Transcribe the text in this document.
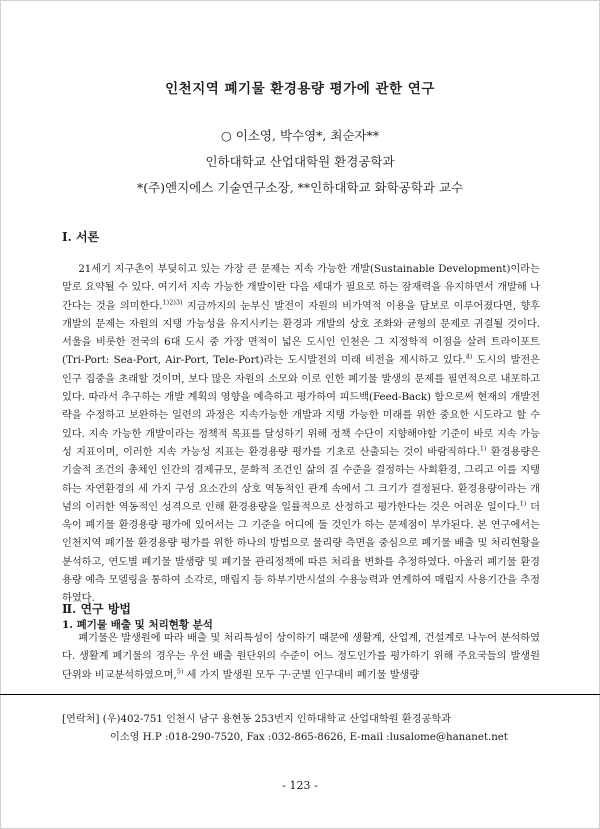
인천지역 폐기물 환경용량 평가에 관한 연구
○ 이소영, 박수영*, 최순자**
인하대학교 산업대학원 환경공학과
*(주)엔지에스 기술연구소장, **인하대학교 화학공학과 교수
Ⅰ. 서론

21세기 지구촌이 부딪히고 있는 가장 큰 문제는 지속 가능한 개발(Sustainable Development)이라는 말로 요약될 수 있다. 여기서 지속 가능한 개발이란 다음 세대가 필요로 하는 잠재력을 유지하면서 개발해 나간다는 것을 의미한다.$^{1)2)3)}$ 지금까지의 눈부신 발전이 자원의 비가역적 이용을 담보로 이루어졌다면, 향후 개발의 문제는 자원의 지탱 가능성을 유지시키는 환경과 개발의 상호 조화와 균형의 문제로 귀결될 것이다. 서울을 비롯한 전국의 6대 도시 중 가장 면적이 넓은 도시인 인천은 그 지정학적 이점을 살려 트라이포트(Tri-Port: Sea-Port, Air-Port, Tele-Port)라는 도시발전의 미래 비전을 제시하고 있다.$^{4)}$ 도시의 발전은 인구 집중을 초래할 것이며, 보다 많은 자원의 소모와 이로 인한 폐기물 발생의 문제를 필연적으로 내포하고 있다. 따라서 추구하는 개발 계획의 영향을 예측하고 평가하여 피드백(Feed-Back) 함으로써 현재의 개발전략을 수정하고 보완하는 일련의 과정은 지속가능한 개발과 지탱 가능한 미래를 위한 중요한 시도라고 할 수 있다. 지속 가능한 개발이라는 정책적 목표를 달성하기 위해 정책 수단이 지향해야할 기준이 바로 지속 가능성 지표이며, 이러한 지속 가능성 지표는 환경용량 평가를 기초로 산출되는 것이 바람직하다.$^{1)}$ 환경용량은 기술적 조건의 총체인 인간의 경제규모, 문화적 조건인 삶의 질 수준을 결정하는 사회환경, 그리고 이를 지탱하는 자연환경의 세 가지 구성 요소간의 상호 역동적인 관계 속에서 그 크기가 결정된다. 환경용량이라는 개념의 이러한 역동적인 성격으로 인해 환경용량을 일률적으로 산정하고 평가한다는 것은 어려운 일이다.$^{1)}$ 더욱이 폐기물 환경용량 평가에 있어서는 그 기준을 어디에 둘 것인가 하는 문제점이 부가된다. 본 연구에서는 인천지역 폐기물 환경용량 평가를 위한 하나의 방법으로 물리량 측면을 중심으로 폐기물 배출 및 처리현황을 분석하고, 연도별 폐기물 발생량 및 폐기물 관리정책에 따른 처리율 변화를 추정하였다. 아울러 폐기물 환경용량 예측 모델링을 통하여 소각로, 매립지 등 하부기반시설의 수용능력과 연계하여 매립지 사용기간을 추정하였다.

Ⅱ. 연구 방법
1. 폐기물 배출 및 처리현황 분석

폐기물은 발생원에 따라 배출 및 처리특성이 상이하기 때문에 생활계, 산업계, 건설계로 나누어 분석하였다. 생활계 폐기물의 경우는 우선 배출 원단위의 수준이 어느 정도인가를 평가하기 위해 주요국들의 발생원단위와 비교분석하였으며,$^{5)}$ 세 가지 발생원 모두 구·군별 인구대비 폐기물 발생량

[연락처] (우)402-751 인천시 남구 용현동 253번지 인하대학교 산업대학원 환경공학과
이소영 H.P :018-290-7520, Fax :032-865-8626, E-mail :lusalome@hananet.net
- 123 -
